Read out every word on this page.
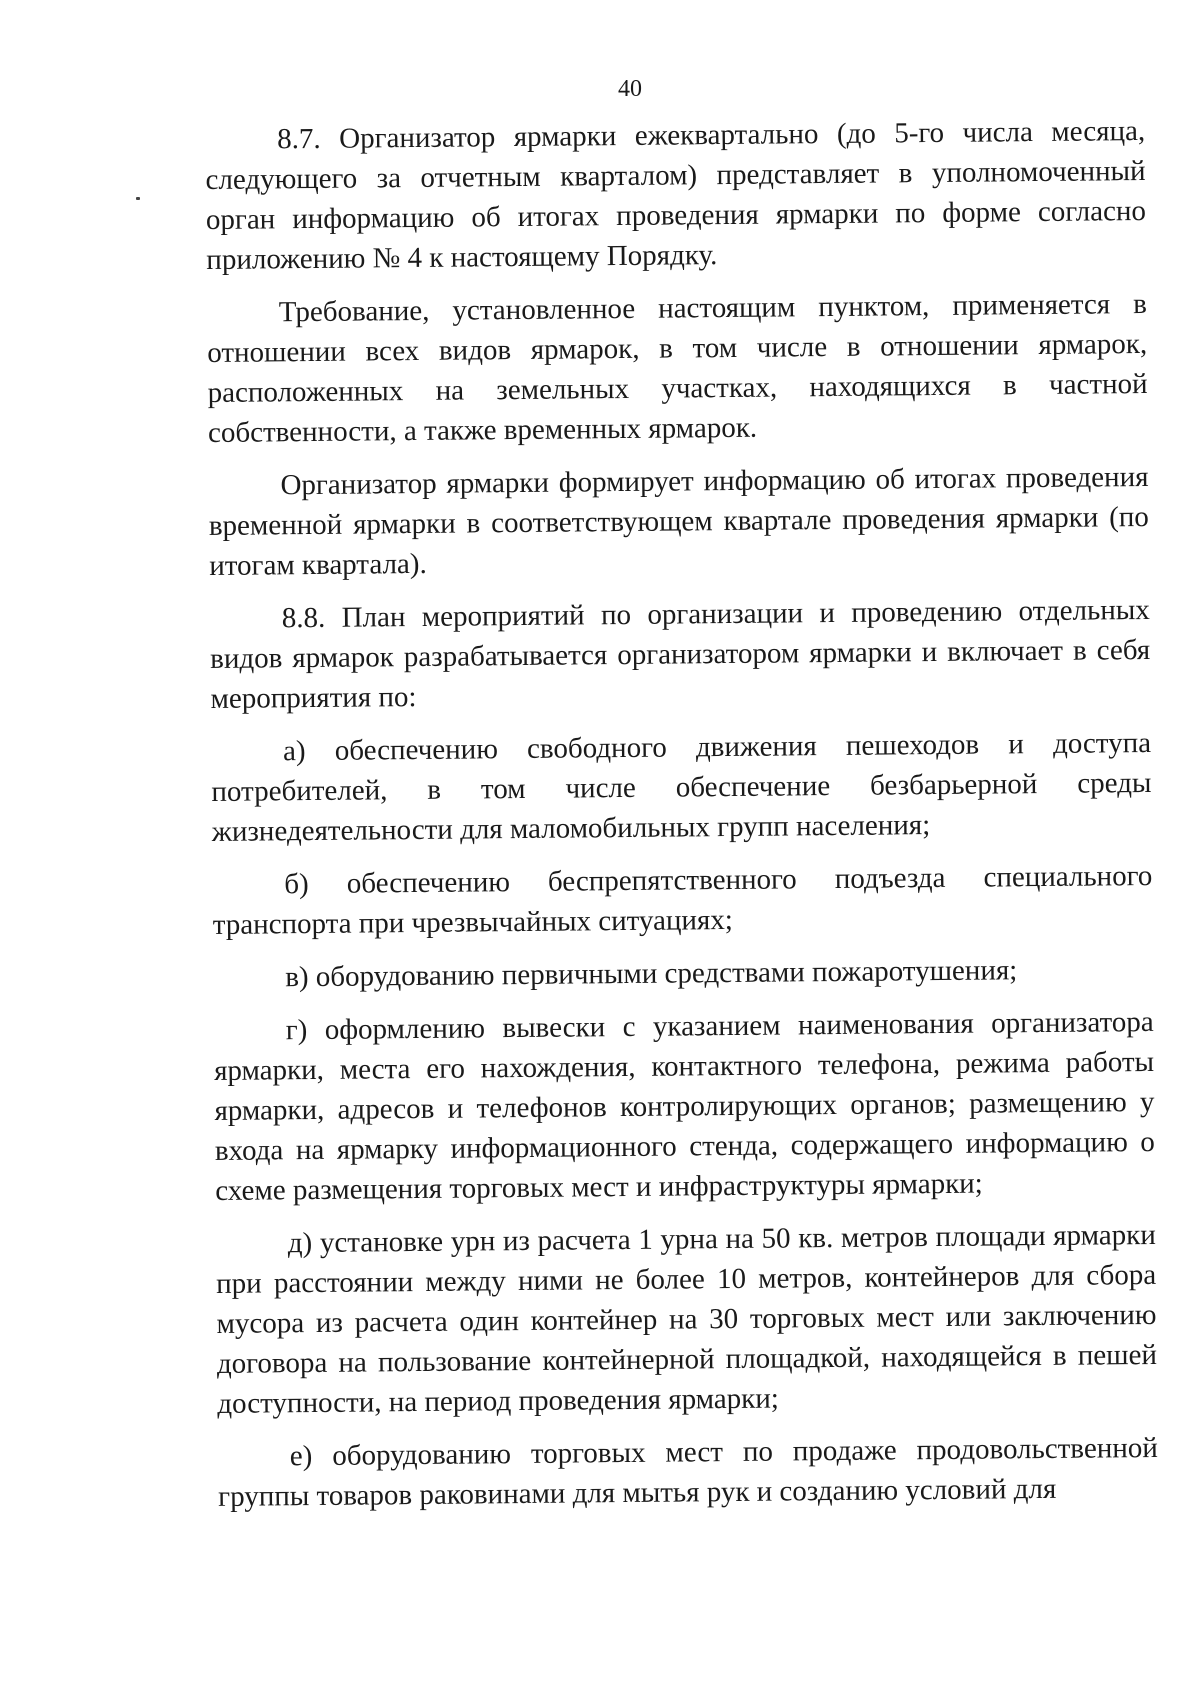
40

8.7. Организатор ярмарки ежеквартально (до 5-го числа месяца, следующего за отчетным кварталом) представляет в уполномоченный орган информацию об итогах проведения ярмарки по форме согласно приложению № 4 к настоящему Порядку.

Требование, установленное настоящим пунктом, применяется в отношении всех видов ярмарок, в том числе в отношении ярмарок, расположенных на земельных участках, находящихся в частной собственности, а также временных ярмарок.

Организатор ярмарки формирует информацию об итогах проведения временной ярмарки в соответствующем квартале проведения ярмарки (по итогам квартала).

8.8. План мероприятий по организации и проведению отдельных видов ярмарок разрабатывается организатором ярмарки и включает в себя мероприятия по:

а) обеспечению свободного движения пешеходов и доступа потребителей, в том числе обеспечение безбарьерной среды жизнедеятельности для маломобильных групп населения;

б) обеспечению беспрепятственного подъезда специального транспорта при чрезвычайных ситуациях;

в) оборудованию первичными средствами пожаротушения;

г) оформлению вывески с указанием наименования организатора ярмарки, места его нахождения, контактного телефона, режима работы ярмарки, адресов и телефонов контролирующих органов; размещению у входа на ярмарку информационного стенда, содержащего информацию о схеме размещения торговых мест и инфраструктуры ярмарки;

д) установке урн из расчета 1 урна на 50 кв. метров площади ярмарки при расстоянии между ними не более 10 метров, контейнеров для сбора мусора из расчета один контейнер на 30 торговых мест или заключению договора на пользование контейнерной площадкой, находящейся в пешей доступности, на период проведения ярмарки;

е) оборудованию торговых мест по продаже продовольственной группы товаров раковинами для мытья рук и созданию условий для
